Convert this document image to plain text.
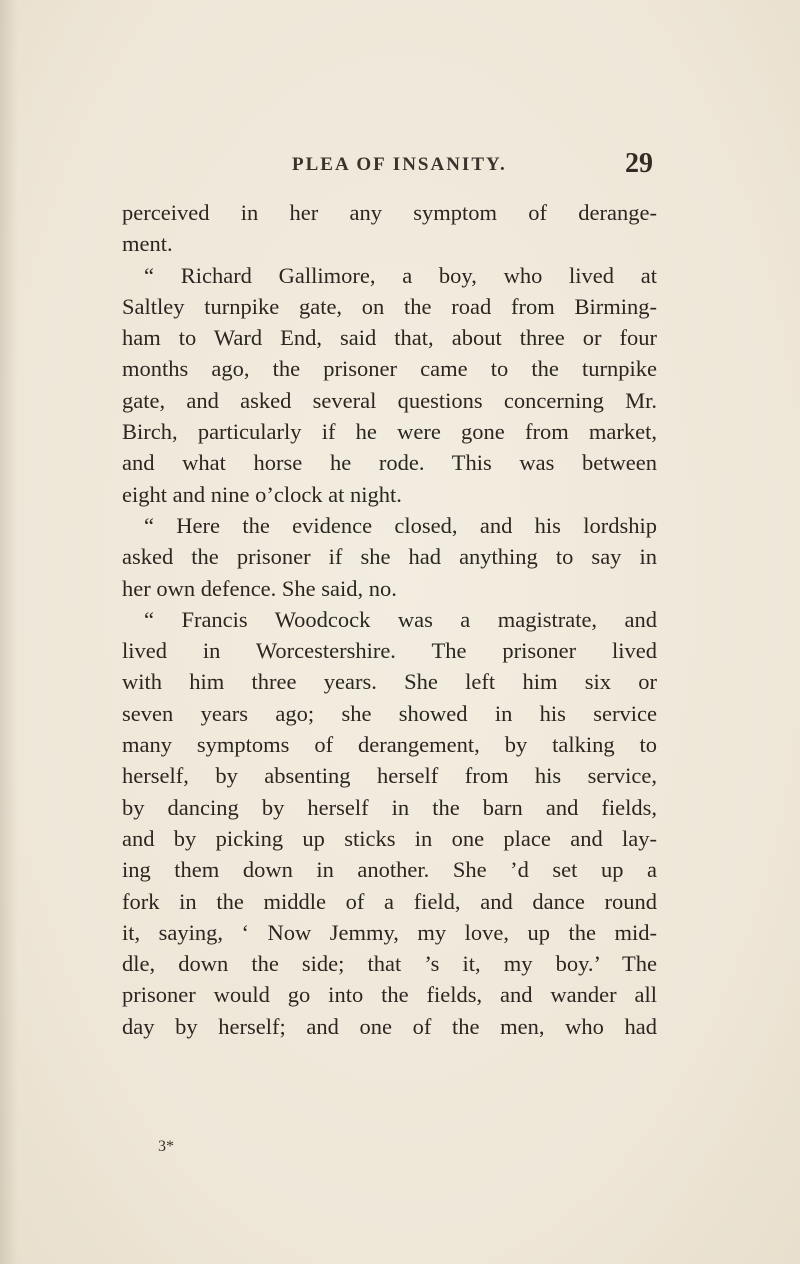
PLEA OF INSANITY.	29
perceived in her any symptom of derange-
ment.
“ Richard Gallimore, a boy, who lived at
Saltley turnpike gate, on the road from Birming-
ham to Ward End, said that, about three or four
months ago, the prisoner came to the turnpike
gate, and asked several questions concerning Mr.
Birch, particularly if he were gone from market,
and what horse he rode. This was between
eight and nine o’clock at night.
“ Here the evidence closed, and his lordship
asked the prisoner if she had anything to say in
her own defence. She said, no.
“ Francis Woodcock was a magistrate, and
lived in Worcestershire. The prisoner lived
with him three years. She left him six or
seven years ago; she showed in his service
many symptoms of derangement, by talking to
herself, by absenting herself from his service,
by dancing by herself in the barn and fields,
and by picking up sticks in one place and lay-
ing them down in another. She ’d set up a
fork in the middle of a field, and dance round
it, saying, ‘ Now Jemmy, my love, up the mid-
dle, down the side; that ’s it, my boy.’ The
prisoner would go into the fields, and wander all
day by herself; and one of the men, who had
3*
